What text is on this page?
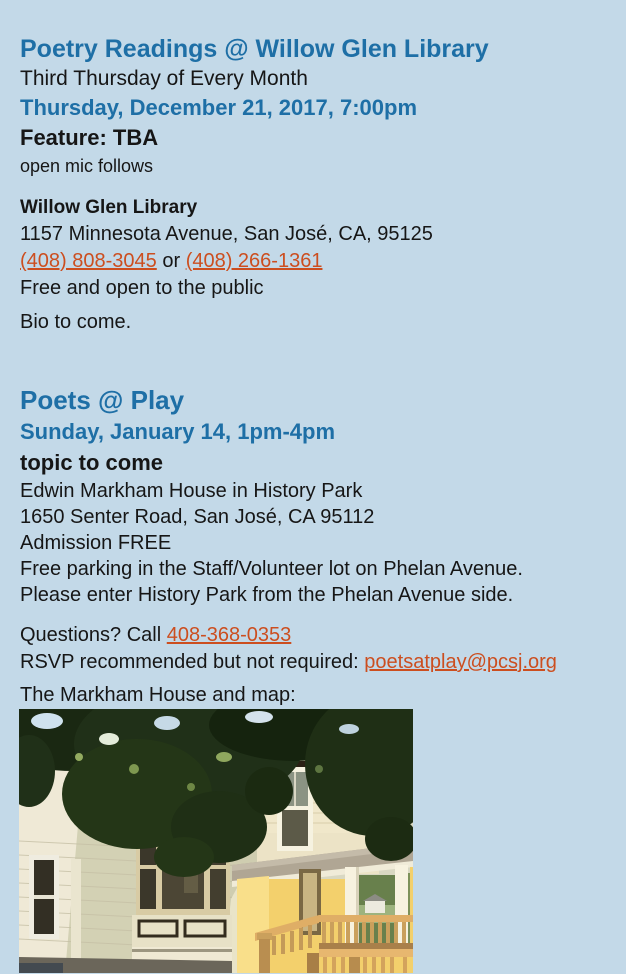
Poetry Readings @ Willow Glen Library
Third Thursday of Every Month
Thursday, December 21, 2017, 7:00pm
Feature: TBA
open mic follows
Willow Glen Library
1157 Minnesota Avenue, San José, CA, 95125
(408) 808-3045 or (408) 266-1361
Free and open to the public
Bio to come.
Poets @ Play
Sunday, January 14, 1pm-4pm
topic to come
Edwin Markham House in History Park
1650 Senter Road, San José, CA 95112
Admission FREE
Free parking in the Staff/Volunteer lot on Phelan Avenue.
Please enter History Park from the Phelan Avenue side.
Questions? Call 408-368-0353
RSVP recommended but not required: poetsatplay@pcsj.org
The Markham House and map:
